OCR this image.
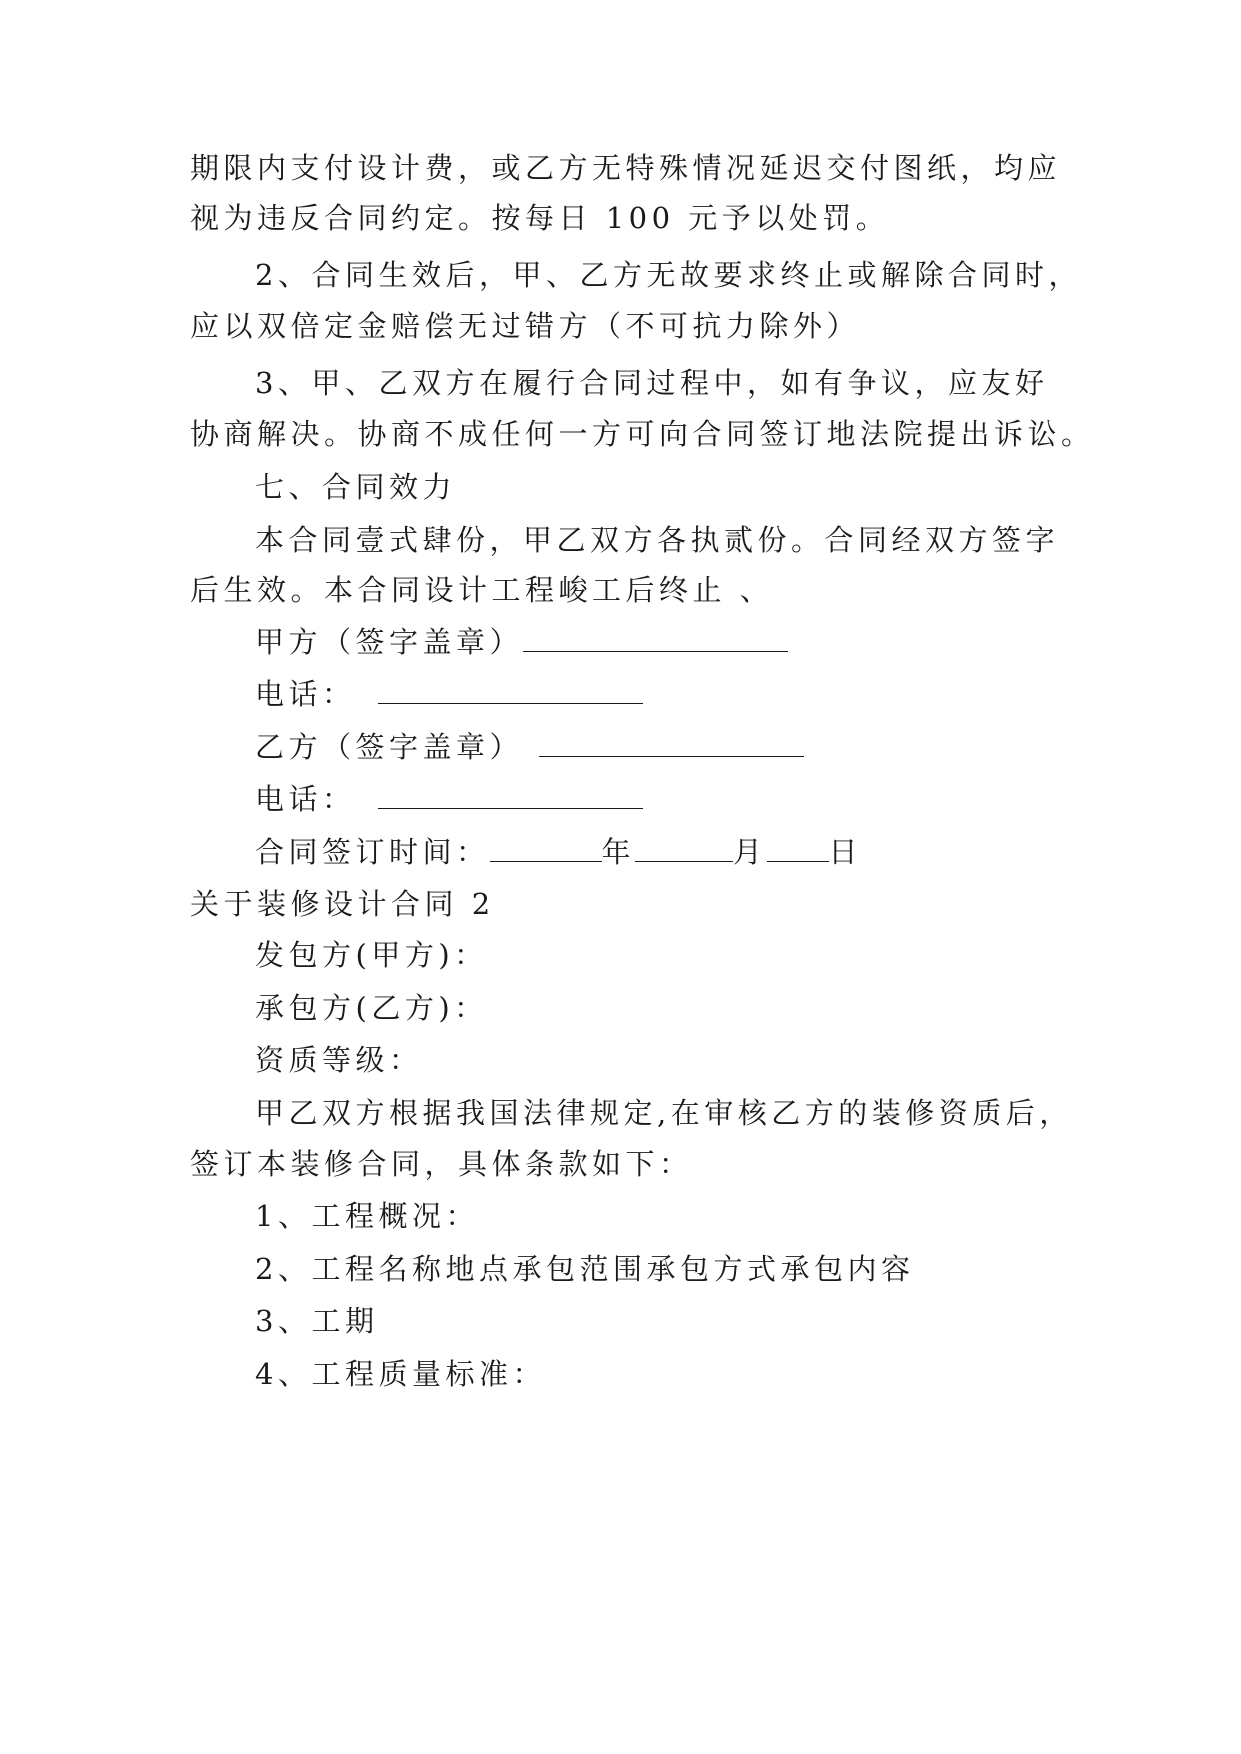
期限内支付设计费，或乙方无特殊情况延迟交付图纸，均应
视为违反合同约定。按每日 100 元予以处罚。
2、合同生效后，甲、乙方无故要求终止或解除合同时，
应以双倍定金赔偿无过错方（不可抗力除外）
3、甲、乙双方在履行合同过程中，如有争议，应友好
协商解决。协商不成任何一方可向合同签订地法院提出诉讼。
七、合同效力
本合同壹式肆份，甲乙双方各执贰份。合同经双方签字
后生效。本合同设计工程峻工后终止 、
甲方（签字盖章）
电话：
乙方（签字盖章）
电话：
合同签订时间：	年	月 日
关于装修设计合同 2
发包方(甲方)：
承包方(乙方)：
资质等级：
甲乙双方根据我国法律规定,在审核乙方的装修资质后，
签订本装修合同，具体条款如下：
1、工程概况：
2、工程名称地点承包范围承包方式承包内容
3、工期
4、工程质量标准：
